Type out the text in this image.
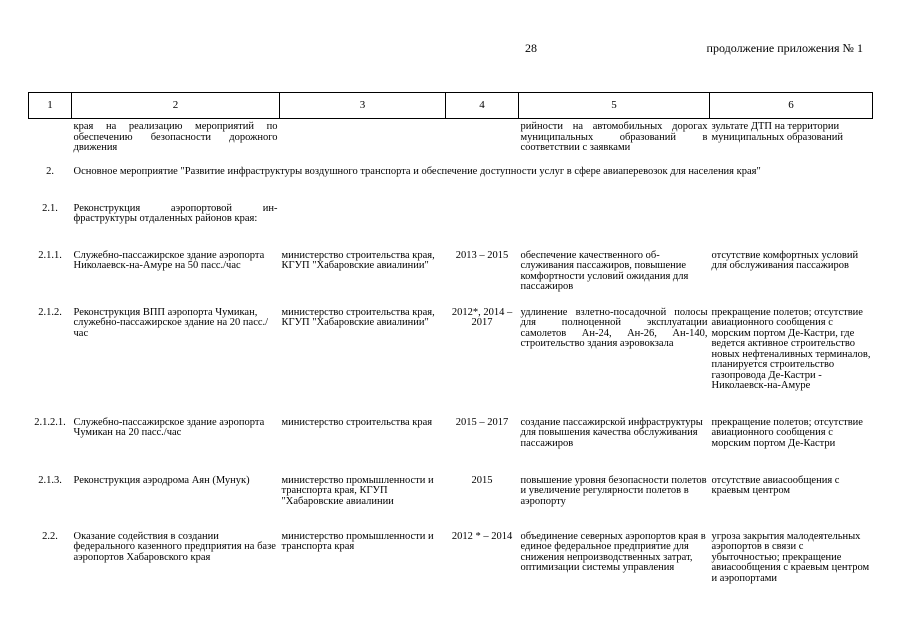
28	продолжение приложения № 1
1	2	3	4	5	6
	края на реализацию мероприятий по обеспечению безопасности дорожного движения			рийности на автомобильных дорогах муниципальных образований в соответствии с заявками	зультате ДТП на территории муниципальных образований
2.	Основное мероприятие "Развитие инфраструктуры воздушного транспорта и обеспечение доступности услуг в сфере авиаперевозок для населения края"				
2.1.	Реконструкция аэропортовой инфраструктуры отдаленных районов края:				
2.1.1.	Служебно-пассажирское здание аэропорта Николаевск-на-Амуре на 50 пасс./час	министерство строительства края, КГУП "Хабаровские авиалинии"	2013 – 2015	обеспечение качественного обслуживания пассажиров, повышение комфортности условий ожидания для пассажиров	отсутствие комфортных условий для обслуживания пассажиров
2.1.2.	Реконструкция ВПП аэропорта Чумикан, служебно-пассажирское здание на 20 пасс./час	министерство строительства края, КГУП "Хабаровские авиалинии"	2012*, 2014 – 2017	удлинение взлетно-посадочной полосы для полноценной эксплуатации самолетов Ан-24, Ан-26, Ан-140, строительство здания аэровокзала	прекращение полетов; отсутствие авиационного сообщения с морским портом Де-Кастри, где ведется активное строительство новых нефтеналивных терминалов, планируется строительство газопровода Де-Кастри - Николаевск-на-Амуре
2.1.2.1.	Служебно-пассажирское здание аэропорта Чумикан на 20 пасс./час	министерство строительства края	2015 – 2017	создание пассажирской инфраструктуры для повышения качества обслуживания пассажиров	прекращение полетов; отсутствие авиационного сообщения с морским портом Де-Кастри
2.1.3.	Реконструкция аэродрома Аян (Мунук)	министерство промышленности и транспорта края, КГУП "Хабаровские авиалинии	2015	повышение уровня безопасности полетов и увеличение регулярности полетов в аэропорту	отсутствие авиасообщения с краевым центром
2.2.	Оказание содействия в создании федерального казенного предприятия на базе аэропортов Хабаровского края	министерство промышленности и транспорта края	2012 * – 2014	объединение северных аэропортов края в единое федеральное предприятие для снижения непроизводственных затрат, оптимизации системы управления	угроза закрытия малодеятельных аэропортов в связи с убыточностью; прекращение авиасообщения с краевым центром и аэропортами
